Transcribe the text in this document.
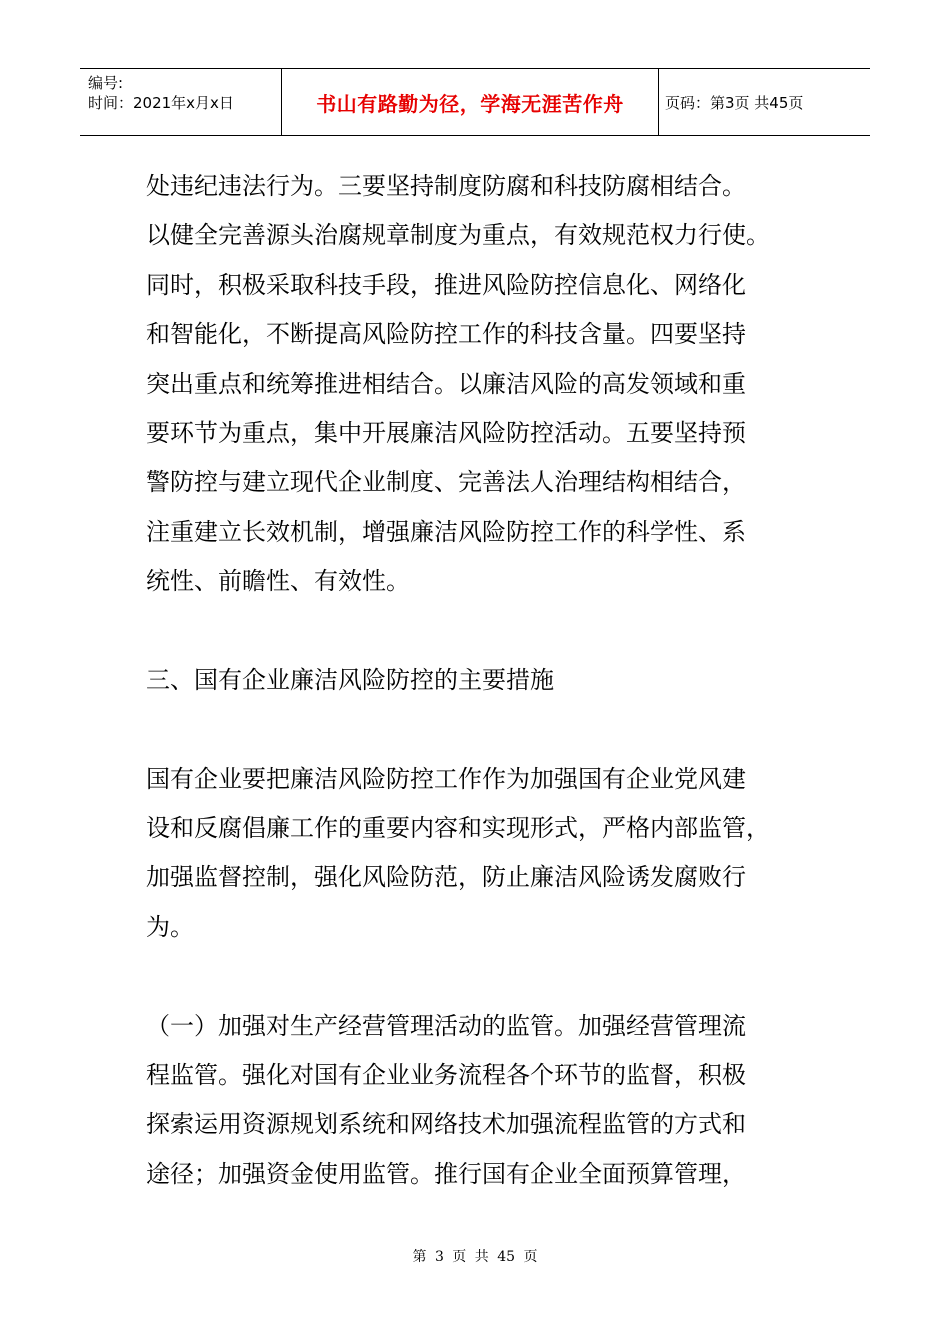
编号:
时间：2021年x月x日	书山有路勤为径，学海无涯苦作舟	页码：第3页 共45页
处违纪违法行为。三要坚持制度防腐和科技防腐相结合。
以健全完善源头治腐规章制度为重点，有效规范权力行使。
同时，积极采取科技手段，推进风险防控信息化、网络化
和智能化，不断提高风险防控工作的科技含量。四要坚持
突出重点和统筹推进相结合。以廉洁风险的高发领域和重
要环节为重点，集中开展廉洁风险防控活动。五要坚持预
警防控与建立现代企业制度、完善法人治理结构相结合，
注重建立长效机制，增强廉洁风险防控工作的科学性、系
统性、前瞻性、有效性。
三、国有企业廉洁风险防控的主要措施
国有企业要把廉洁风险防控工作作为加强国有企业党风建
设和反腐倡廉工作的重要内容和实现形式，严格内部监管，
加强监督控制，强化风险防范，防止廉洁风险诱发腐败行
为。
（一）加强对生产经营管理活动的监管。加强经营管理流
程监管。强化对国有企业业务流程各个环节的监督，积极
探索运用资源规划系统和网络技术加强流程监管的方式和
途径；加强资金使用监管。推行国有企业全面预算管理，
第 3 页 共 45 页
